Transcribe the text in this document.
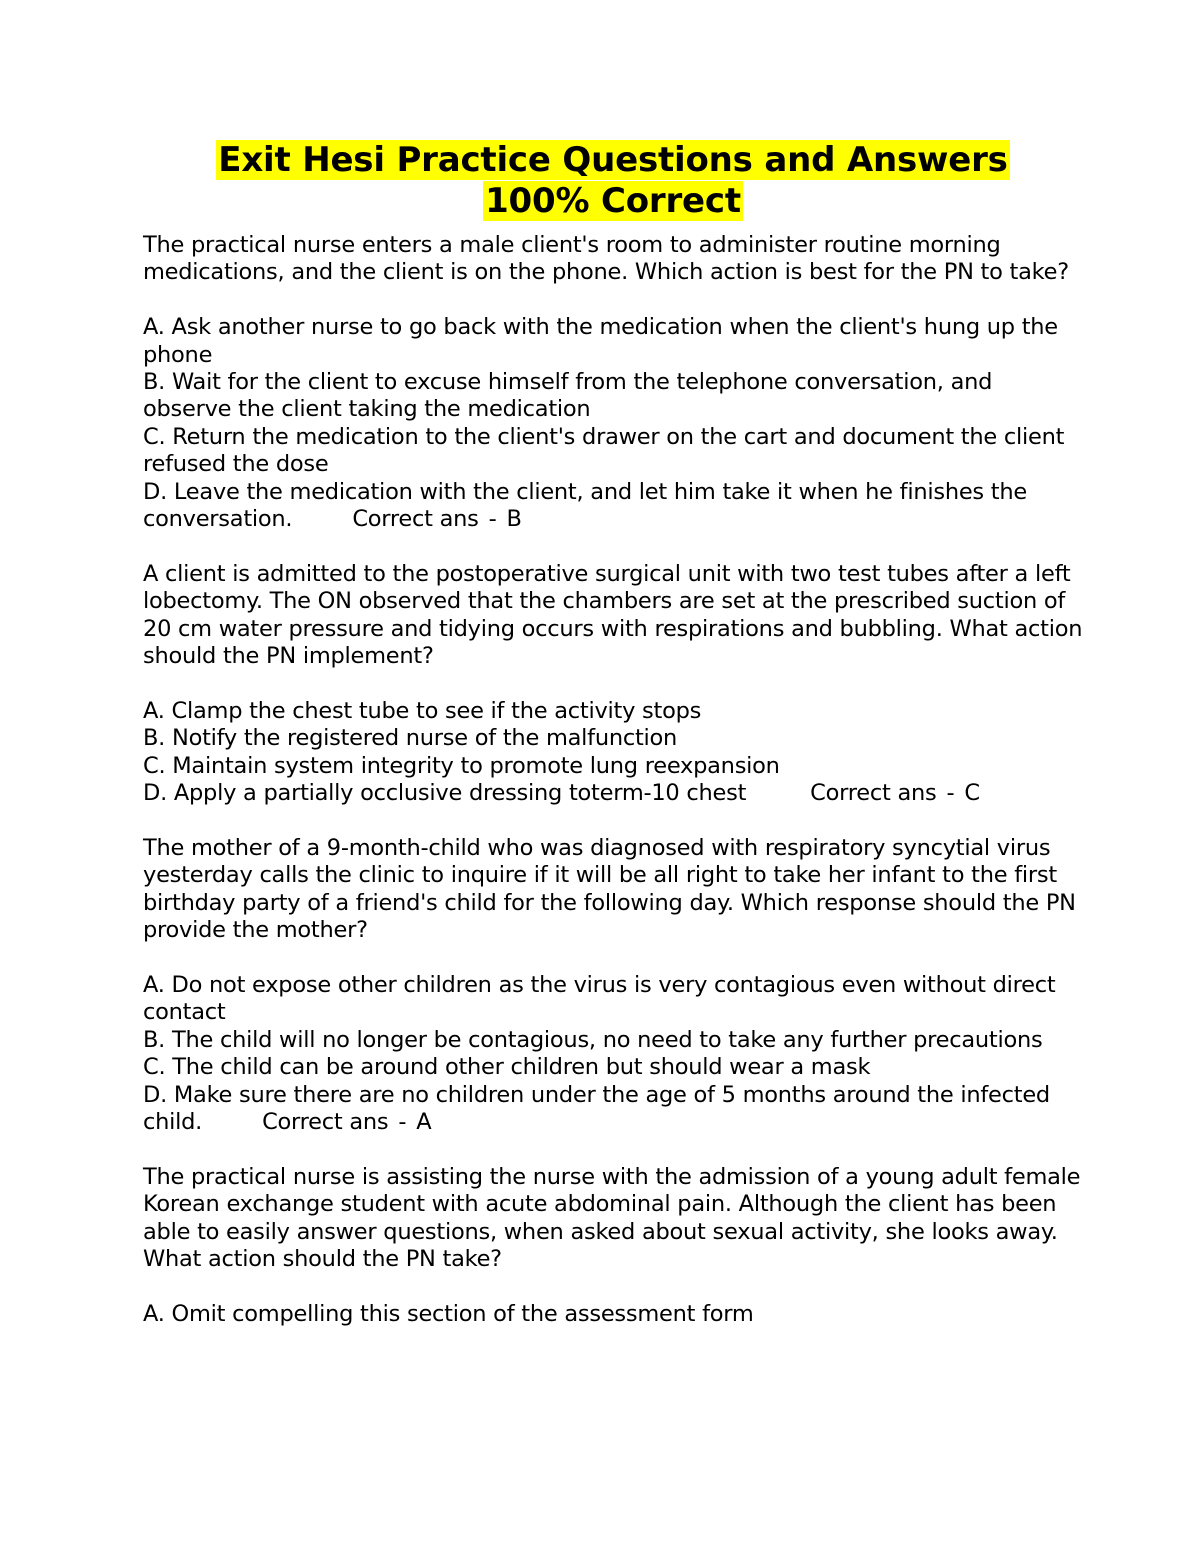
Exit Hesi Practice Questions and Answers
100% Correct

The practical nurse enters a male client's room to administer routine morning medications, and the client is on the phone. Which action is best for the PN to take?

A. Ask another nurse to go back with the medication when the client's hung up the phone
B. Wait for the client to excuse himself from the telephone conversation, and observe the client taking the medication
C. Return the medication to the client's drawer on the cart and document the client refused the dose
D. Leave the medication with the client, and let him take it when he finishes the conversation.	Correct ans - B

A client is admitted to the postoperative surgical unit with two test tubes after a left lobectomy. The ON observed that the chambers are set at the prescribed suction of 20 cm water pressure and tidying occurs with respirations and bubbling. What action should the PN implement?

A. Clamp the chest tube to see if the activity stops
B. Notify the registered nurse of the malfunction
C. Maintain system integrity to promote lung reexpansion
D. Apply a partially occlusive dressing toterm-10 chest	Correct ans - C

The mother of a 9-month-child who was diagnosed with respiratory syncytial virus yesterday calls the clinic to inquire if it will be all right to take her infant to the first birthday party of a friend's child for the following day. Which response should the PN provide the mother?

A. Do not expose other children as the virus is very contagious even without direct contact
B. The child will no longer be contagious, no need to take any further precautions
C. The child can be around other children but should wear a mask
D. Make sure there are no children under the age of 5 months around the infected child.	Correct ans - A

The practical nurse is assisting the nurse with the admission of a young adult female Korean exchange student with acute abdominal pain. Although the client has been able to easily answer questions, when asked about sexual activity, she looks away. What action should the PN take?

A. Omit compelling this section of the assessment form
